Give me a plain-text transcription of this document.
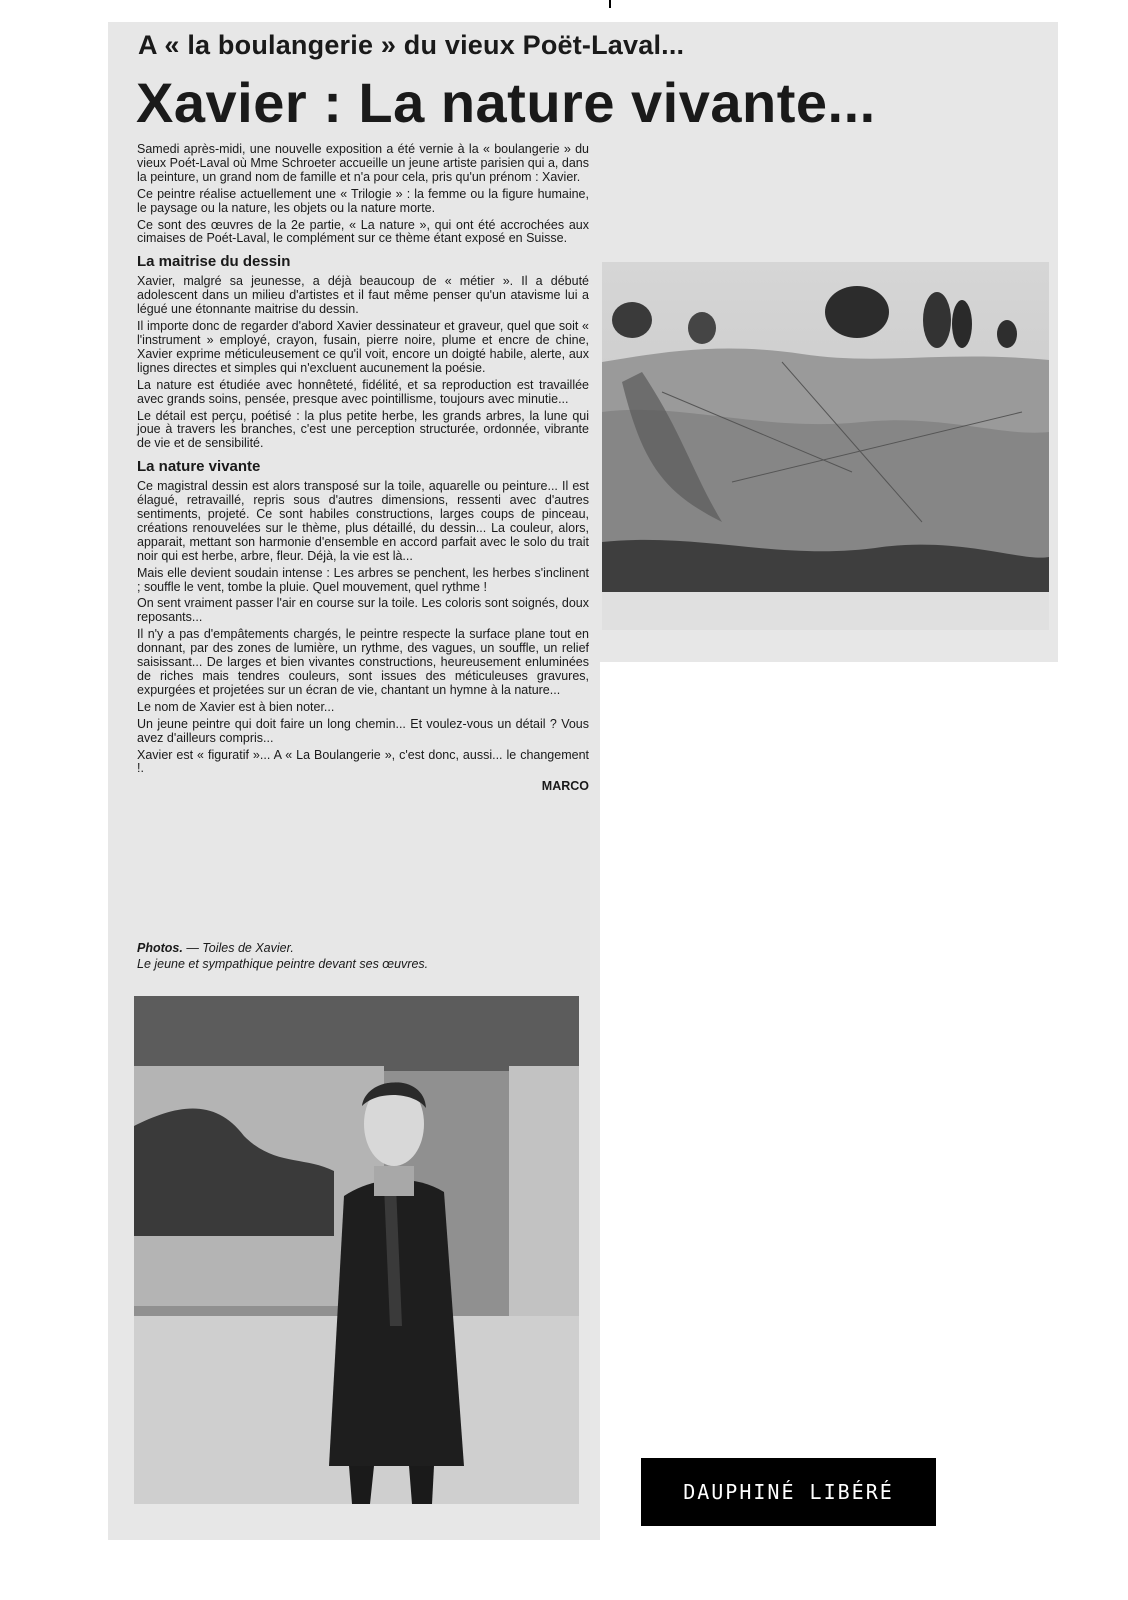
A « la boulangerie » du vieux Poët-Laval...
Xavier : La nature vivante...

Samedi après-midi, une nouvelle exposition a été vernie à la « boulangerie » du vieux Poét-Laval où Mme Schroeter accueille un jeune artiste parisien qui a, dans la peinture, un grand nom de famille et n'a pour cela, pris qu'un prénom : Xavier.

Ce peintre réalise actuellement une « Trilogie » : la femme ou la figure humaine, le paysage ou la nature, les objets ou la nature morte.

Ce sont des œuvres de la 2e partie, « La nature », qui ont été accrochées aux cimaises de Poét-Laval, le complément sur ce thème étant exposé en Suisse.

La maitrise du dessin

Xavier, malgré sa jeunesse, a déjà beaucoup de « métier ». Il a débuté adolescent dans un milieu d'artistes et il faut même penser qu'un atavisme lui a légué une étonnante maitrise du dessin.

Il importe donc de regarder d'abord Xavier dessinateur et graveur, quel que soit « l'instrument » employé, crayon, fusain, pierre noire, plume et encre de chine, Xavier exprime méticuleusement ce qu'il voit, encore un doigté habile, alerte, aux lignes directes et simples qui n'excluent aucunement la poésie.

La nature est étudiée avec honnêteté, fidélité, et sa reproduction est travaillée avec grands soins, pensée, presque avec pointillisme, toujours avec minutie...

Le détail est perçu, poétisé : la plus petite herbe, les grands arbres, la lune qui joue à travers les branches, c'est une perception structurée, ordonnée, vibrante de vie et de sensibilité.

La nature vivante

Ce magistral dessin est alors transposé sur la toile, aquarelle ou peinture... Il est élagué, retravaillé, repris sous d'autres dimensions, ressenti avec d'autres sentiments, projeté. Ce sont habiles constructions, larges coups de pinceau, créations renouvelées sur le thème, plus détaillé, du dessin... La couleur, alors, apparait, mettant son harmonie d'ensemble en accord parfait avec le solo du trait noir qui est herbe, arbre, fleur. Déjà, la vie est là...

Mais elle devient soudain intense : Les arbres se penchent, les herbes s'inclinent ; souffle le vent, tombe la pluie. Quel mouvement, quel rythme !

On sent vraiment passer l'air en course sur la toile. Les coloris sont soignés, doux reposants...

Il n'y a pas d'empâtements chargés, le peintre respecte la surface plane tout en donnant, par des zones de lumière, un rythme, des vagues, un souffle, un relief saisissant... De larges et bien vivantes constructions, heureusement enluminées de riches mais tendres couleurs, sont issues des méticuleuses gravures, expurgées et projetées sur un écran de vie, chantant un hymne à la nature...

Le nom de Xavier est à bien noter...

Un jeune peintre qui doit faire un long chemin... Et voulez-vous un détail ? Vous avez d'ailleurs compris...

Xavier est « figuratif »... A « La Boulangerie », c'est donc, aussi... le changement !.

MARCO

Photos. — Toiles de Xavier.
Le jeune et sympathique peintre devant ses œuvres.
DAUPHINÉ LIBÉRÉ
